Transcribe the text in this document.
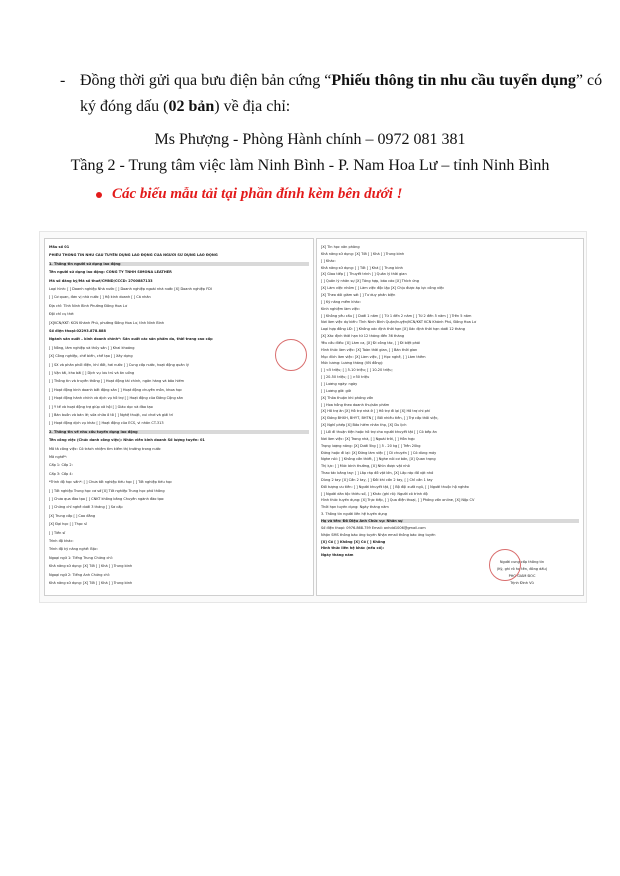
- Đồng thời gửi qua bưu điện bản cứng “Phiếu thông tin nhu cầu tuyển dụng” có
ký đóng dấu (02 bản) về địa chỉ:
Ms Phượng - Phòng Hành chính – 0972 081 381
Tầng 2 - Trung tâm việc làm Ninh Bình - P. Nam Hoa Lư – tỉnh Ninh Bình
Các biểu mẫu tải tại phần đính kèm bên dưới !
Mẫu số 01
PHIẾU THÔNG TIN NHU CẦU TUYỂN DỤNG LAO ĐỘNG CỦA NGƯỜI SỬ DỤNG LAO ĐỘNG
1. Thông tin người sử dụng lao động
Tên người sử dụng lao động: CÔNG TY TNHH SIMONA LEATHER
Mã số đăng ký/Mã số thuế/CMND/CCCD: 2700887133
Loại hình: [ ] Doanh nghiệp Nhà nước [ ] Doanh nghiệp ngoài nhà nước [X] Doanh nghiệp FDI
[ ] Cơ quan, đơn vị nhà nước [ ] Hộ kinh doanh [ ] Cá nhân
Địa chỉ: Tỉnh Ninh Bình Phường Đông Hoa Lư
Đội chỉ cụ thể:
[X]KCN/KKT: KCN Khánh Phú, phường Đông Hoa Lư, tỉnh Ninh Bình
Số điện thoại:02293.878.888
Ngành sản xuất – kinh doanh chính*: Sản xuất các sản phẩm da, thời trang cao cấp
[ ] Nông, lâm nghiệp và thủy sản [ ] Khai khoáng
[X] Công nghiệp, chế biến, chế tạo [ ] Xây dựng
[ ] SX và phân phối điện, khí đốt, hơi nước [ ] Cung cấp nước, hoạt động quản lý
[ ] Vận tải, kho bãi [ ] Dịch vụ lưu trú và ăn uống
[ ] Thông tin và truyền thông [ ] Hoạt động tài chính, ngân hàng và bảo hiểm
[ ] Hoạt động kinh doanh bất động sản [ ] Hoạt động chuyên môn, khoa học
[ ] Hoạt động hành chính và dịch vụ hỗ trợ [ ] Hoạt động của Đảng Cộng sản
[ ] Y tế và hoạt động trợ giúp xã hội [ ] Giáo dục và đào tạo
[ ] Bán buôn và bán lẻ; sửa chữa ô tô [ ] Nghệ thuật, vui chơi và giải trí
[ ] Hoạt động dịch vụ khác [ ] Hoạt động của ECS, vì nhân CT-313
2. Thông tin về nhu cầu tuyển dụng lao động
Tên công việc (Chức danh công việc): Nhân viên kinh doanh Số lượng tuyển: 01
Mô tả công việc: Có trách nhiệm tìm kiếm thị trường trong nước
Mã nghề*:
Cấp 1: Cấp 2:
Cấp 3: Cấp 4:
*Trình độ học vấn*: [ ] Chưa tốt nghiệp tiểu học [ ] Tốt nghiệp tiểu học
[ ] Tốt nghiệp Trung học cơ sở [X] Tốt nghiệp Trung học phổ thông
[ ] Chưa qua đào tạo [ ] CNKT không bằng Chuyên ngành đào tạo:
[ ] Chứng chỉ nghề dưới 3 tháng [ ] Sơ cấp
[X] Trung cấp [ ] Cao đẳng
[X] Đại học [ ] Thạc sĩ
[ ] Tiến sĩ
Trình độ khác:
Trình độ kỹ năng nghề: Bậc:
Ngoại ngữ 1: Tiếng Trung Chứng chỉ:
Khả năng sử dụng: [X] Tốt [ ] Khá [ ] Trung bình
Ngoại ngữ 2: Tiếng Anh Chứng chỉ:
Khả năng sử dụng: [X] Tốt [ ] Khá [ ] Trung bình
[X] Tin học văn phòng
Khả năng sử dụng: [X] Tốt [ ] Khá [ ] Trung bình
[ ] Khác:
Khả năng sử dụng: [ ] Tốt [ ] Khá [ ] Trung bình
[X] Giao tiếp [ ] Thuyết trình [ ] Quản lý thời gian
[ ] Quản lý nhân sự [X] Tổng hợp, báo cáo [X] Thích ứng
[X] Làm việc nhóm [ ] Làm việc độc lập [X] Chịu được áp lực công việc
[X] Theo dõi giám sát [ ] Tư duy phản biện
[ ] Kỹ năng mềm khác:
Kinh nghiệm làm việc:
[ ] Không yêu cầu [ ] Dưới 1 năm [ ] Từ 1 đến 2 năm [ ] Từ 2 đến 5 năm [ ] Trên 5 năm
Nơi làm việc dự kiến: Tỉnh Ninh Bình Quận/huyện/KCN/KKT KCN Khánh Phú, Đông Hoa Lư
Loại hợp đồng LĐ: [ ] Không xác định thời hạn [X] Xác định thời hạn dưới 12 tháng
[X] Xác định thời hạn từ 12 tháng đến 36 tháng
Yêu cầu điều: [X] Làm ca, [X] Đi công tác, [ ] Đi biệt phái
Hình thức làm việc: [X] Toàn thời gian, [ ] Bán thời gian
Mục đích làm việc: [X] Làm việc, [ ] Học nghề, [ ] Làm thêm
Mức lương: Lương tháng (VN đồng):
[ ] <5 triệu; [ ] 5-10 triệu; [ ] 10-20 triệu;
[ ] 20-50 triệu; [ ] >50 triệu
[ ] Lương ngày: ngày
[ ] Lương giờ: giờ
[X] Thỏa thuận khi phỏng vấn
[ ] Hoa hồng theo doanh thu/sản phẩm
[X] Hỗ trợ ăn [X] Hỗ trợ nhà ở [ ] Hỗ trợ đi lại [X] Hỗ trợ chi phí
[X] Đóng BHXH, BHYT, BHTN [ ] Bồi nhiều tiền, [ ] Trợ cấp thôi việc,
[X] Nghỉ phép [X] Bảo hiểm nhân thọ, [X] Du lịch
[ ] Lối đi thuận tiện hoặc hỗ trợ cho người khuyết tật [ ] Có bếp ăn
Nơi làm việc: [X] Trong nhà, [ ] Ngoài trời, [ ] Hỗn hợp
Trọng lượng nâng: [X] Dưới 5kg [ ] 5 - 20 kg [ ] Trên 20kg
Đứng hoặc đi lại: [X] Đứng làm việc [ ] Di chuyển [ ] Có dùng máy
Nghe nói: [ ] Không cần thiết, [ ] Nghe nói cơ bản, [X] Quan trọng
Thị lực: [ ] Mức bình thường, [X] Nhìn được vật nhỏ
Thao tác bằng tay: [ ] Lắp ráp đồ vật lớn, [X] Lắp ráp đồ vật nhỏ
Dùng 2 tay: [X] Cần 2 tay, [ ] Đôi khi cần 2 tay, [ ] Chỉ cần 1 tay
Đối tượng ưu tiên: [ ] Người khuyết tật, [ ] Bộ đội xuất ngũ, [ ] Người thuộc hộ nghèo
[ ] Người dân tộc thiểu số, [ ] Khác (ghi rõ): Người có trình độ
Hình thức tuyển dụng: [X] Trực tiếp, [ ] Qua điện thoại, [ ] Phỏng vấn online, [X] Nộp CV
Thời hạn tuyển dụng: Ngày tháng năm
3. Thông tin người liên hệ tuyển dụng
Họ và tên: Đỗ Diệu Anh Chức vụ: Nhân sự
Số điện thoại: 0976.868.759 Email: anhdd1006@gmail.com
Nhận SMS thông báo ứng tuyển Nhận email thông báo ứng tuyển
[X] Có [ ] Không [X] Có [ ] Không
Hình thức liên hệ khác (nếu có):
Ngày tháng năm
Người cung cấp thông tin
(Ký, ghi rõ họ tên, đóng dấu)
PHÓ GIÁM ĐỐC
Trịnh Đình Vũ
